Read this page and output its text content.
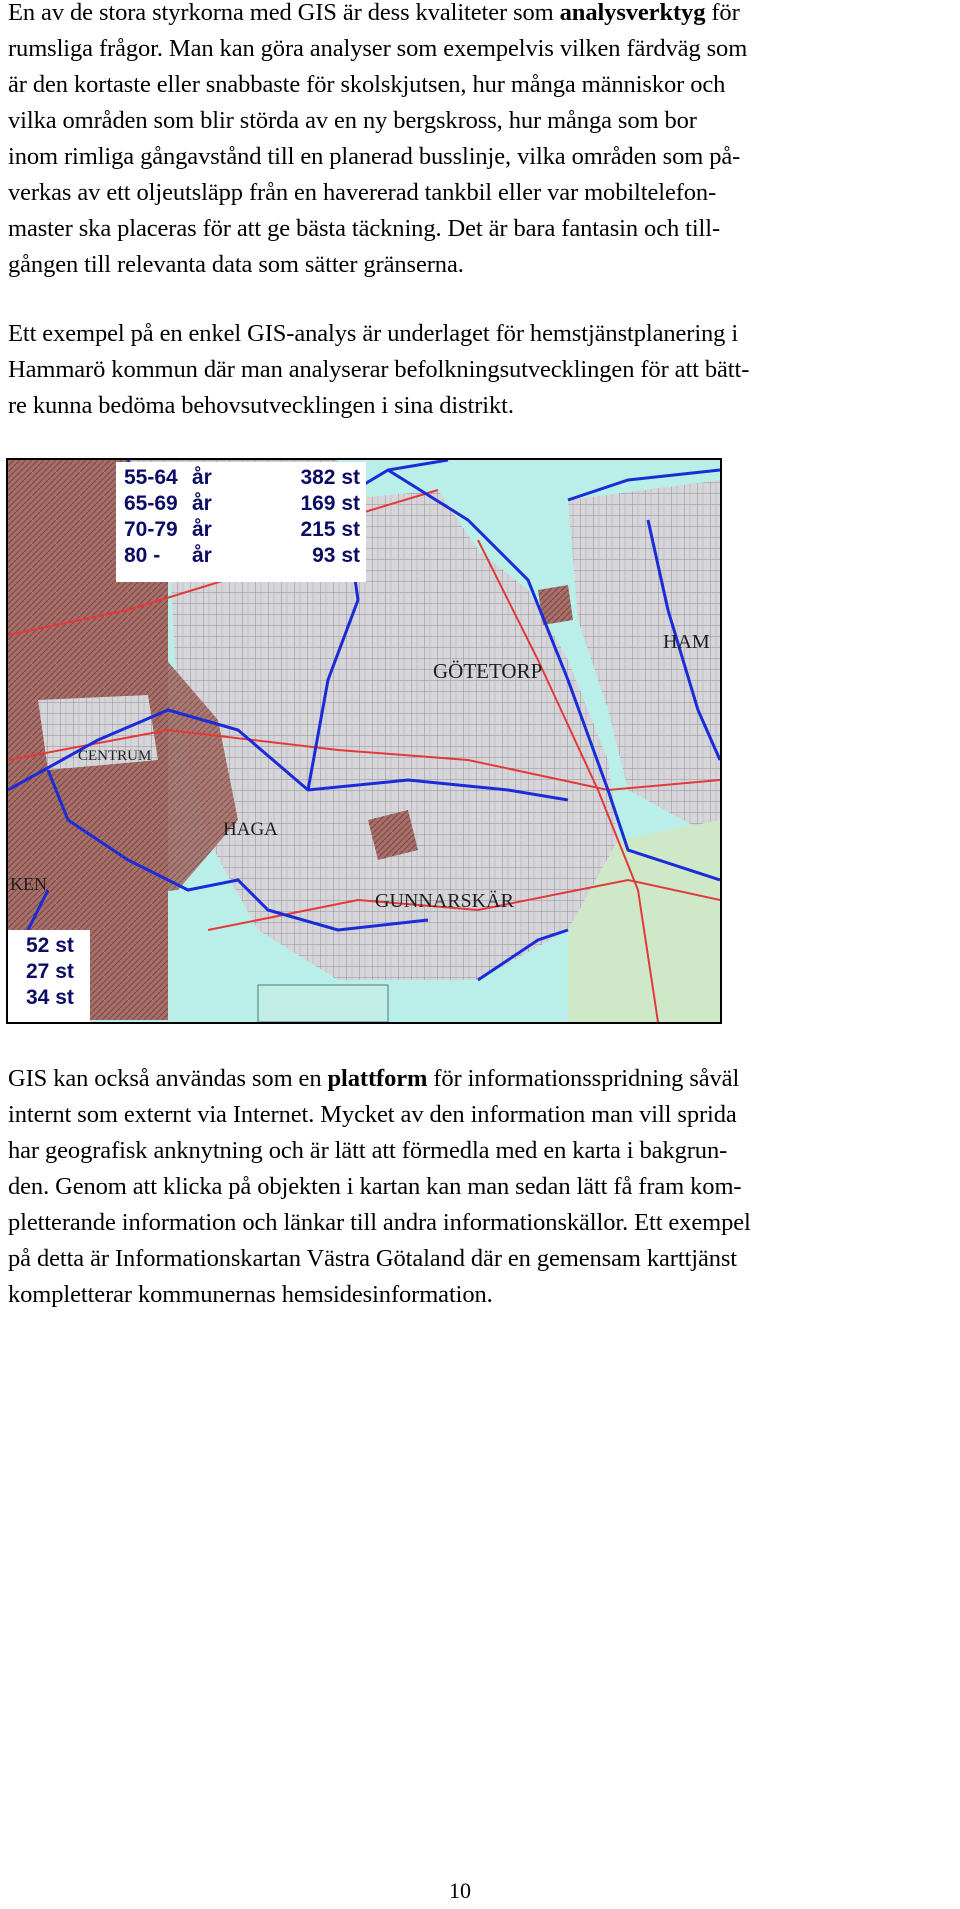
En av de stora styrkorna med GIS är dess kvaliteter som analysverktyg för
rumsliga frågor. Man kan göra analyser som exempelvis vilken färdväg som
är den kortaste eller snabbaste för skolskjutsen, hur många människor och
vilka områden som blir störda av en ny bergskross, hur många som bor
inom rimliga gångavstånd till en planerad busslinje, vilka områden som på-
verkas av ett oljeutsläpp från en havererad tankbil eller var mobiltelefon-
master ska placeras för att ge bästa täckning. Det är bara fantasin och till-
gången till relevanta data som sätter gränserna.
Ett exempel på en enkel GIS-analys är underlaget för hemstjänstplanering i
Hammarö kommun där man analyserar befolkningsutvecklingen för att bätt-
re kunna bedöma behovsutvecklingen i sina distrikt.
55-64 år	382 st
65-69 år	169 st
70-79 år	215 st
80 - år	93 st
52 st
27 st
34 st
GÖTETORP
CENTRUM
HAGA
GUNNARSKÄR
HAM
KEN
GIS kan också användas som en plattform för informationsspridning såväl
internt som externt via Internet. Mycket av den information man vill sprida
har geografisk anknytning och är lätt att förmedla med en karta i bakgrun-
den. Genom att klicka på objekten i kartan kan man sedan lätt få fram kom-
pletterande information och länkar till andra informationskällor. Ett exempel
på detta är Informationskartan Västra Götaland där en gemensam karttjänst
kompletterar kommunernas hemsidesinformation.
10
